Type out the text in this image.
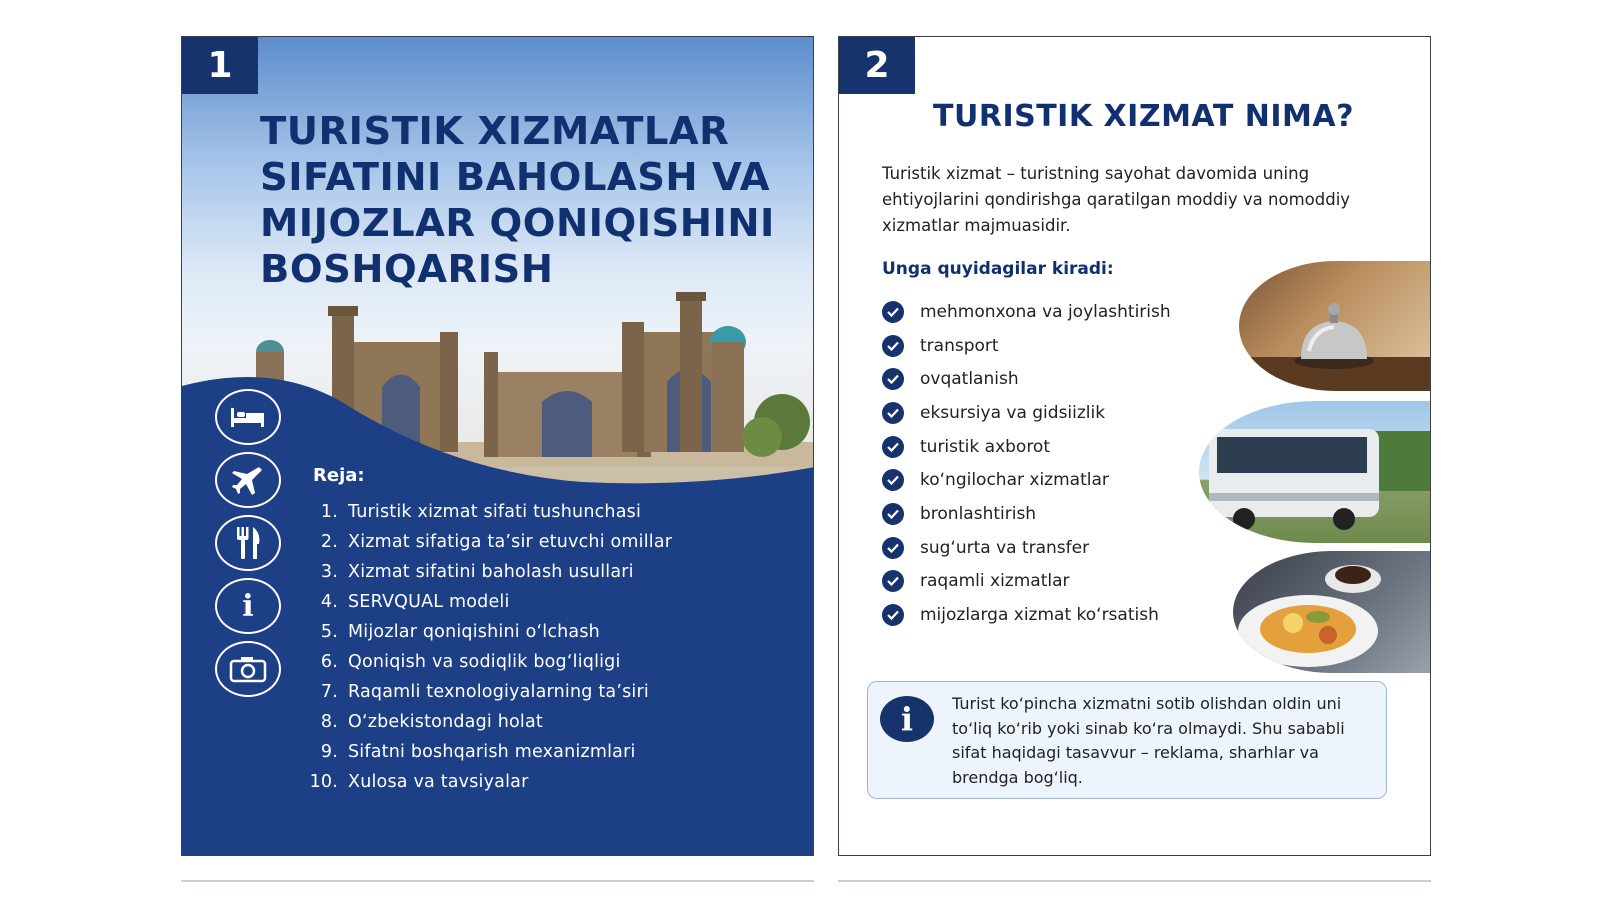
1
TURISTIK XIZMATLAR SIFATINI BAHOLASH VA MIJOZLAR QONIQISHINI BOSHQARISH
i
Reja:
1. Turistik xizmat sifati tushunchasi
2. Xizmat sifatiga ta’sir etuvchi omillar
3. Xizmat sifatini baholash usullari
4. SERVQUAL modeli
5. Mijozlar qoniqishini o‘lchash
6. Qoniqish va sodiqlik bog‘liqligi
7. Raqamli texnologiyalarning ta’siri
8. O‘zbekistondagi holat
9. Sifatni boshqarish mexanizmlari
10. Xulosa va tavsiyalar
2
TURISTIK XIZMAT NIMA?
Turistik xizmat – turistning sayohat davomida uning ehtiyojlarini qondirishga qaratilgan moddiy va nomoddiy xizmatlar majmuasidir.
Unga quyidagilar kiradi:
mehmonxona va joylashtirish
transport
ovqatlanish
eksursiya va gidsiizlik
turistik axborot
ko‘ngilochar xizmatlar
bronlashtirish
sug‘urta va transfer
raqamli xizmatlar
mijozlarga xizmat ko‘rsatish
i	Turist ko‘pincha xizmatni sotib olishdan oldin uni to‘liq ko‘rib yoki sinab ko‘ra olmaydi. Shu sababli sifat haqidagi tasavvur – reklama, sharhlar va brendga bog‘liq.
